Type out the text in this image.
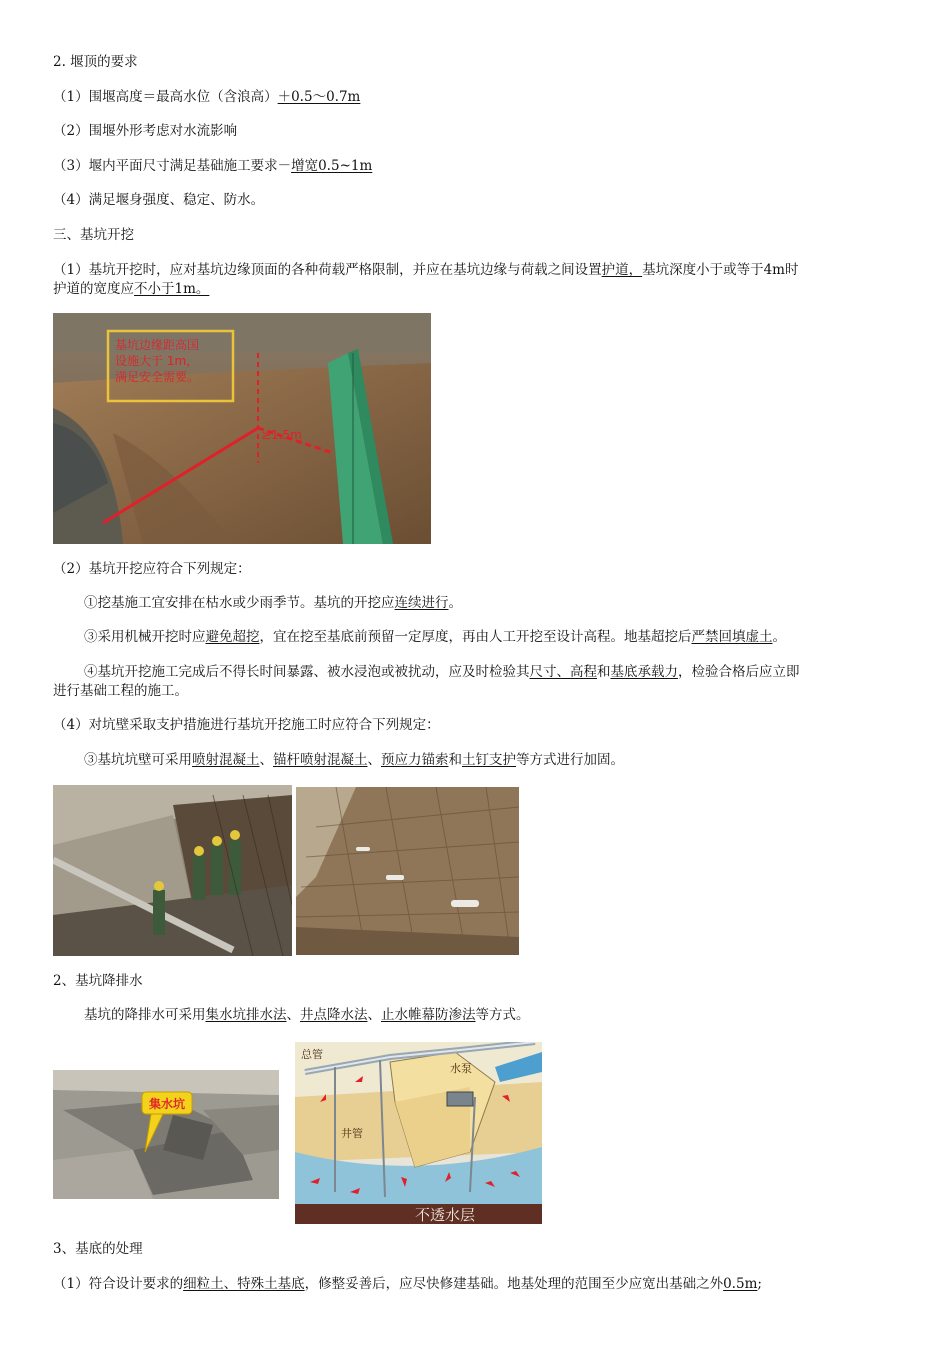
2. 堰顶的要求
（1）围堰高度＝最高水位（含浪高）＋0.5～0.7m
（2）围堰外形考虑对水流影响
（3）堰内平面尺寸满足基础施工要求－增宽0.5~1m
（4）满足堰身强度、稳定、防水。
三、基坑开挖
（1）基坑开挖时，应对基坑边缘顶面的各种荷载严格限制，并应在基坑边缘与荷载之间设置护道，基坑深度小于或等于4m时
护道的宽度应不小于1m。
基坑边缘距高国
设施大于 1m，
满足安全需要。
≥1.5m
（2）基坑开挖应符合下列规定：
①挖基施工宜安排在枯水或少雨季节。基坑的开挖应连续进行。
③采用机械开挖时应避免超挖，宜在挖至基底前预留一定厚度，再由人工开挖至设计高程。地基超挖后严禁回填虚土。
④基坑开挖施工完成后不得长时间暴露、被水浸泡或被扰动，应及时检验其尺寸、高程和基底承载力，检验合格后应立即
进行基础工程的施工。
（4）对坑壁采取支护措施进行基坑开挖施工时应符合下列规定：
③基坑坑壁可采用喷射混凝土、锚杆喷射混凝土、预应力锚索和土钉支护等方式进行加固。
2、基坑降排水
基坑的降排水可采用集水坑排水法、井点降水法、止水帷幕防渗法等方式。
集水坑
总管
水泵
井管
不透水层
3、基底的处理
（1）符合设计要求的细粒土、特殊土基底，修整妥善后，应尽快修建基础。地基处理的范围至少应宽出基础之外0.5m;
